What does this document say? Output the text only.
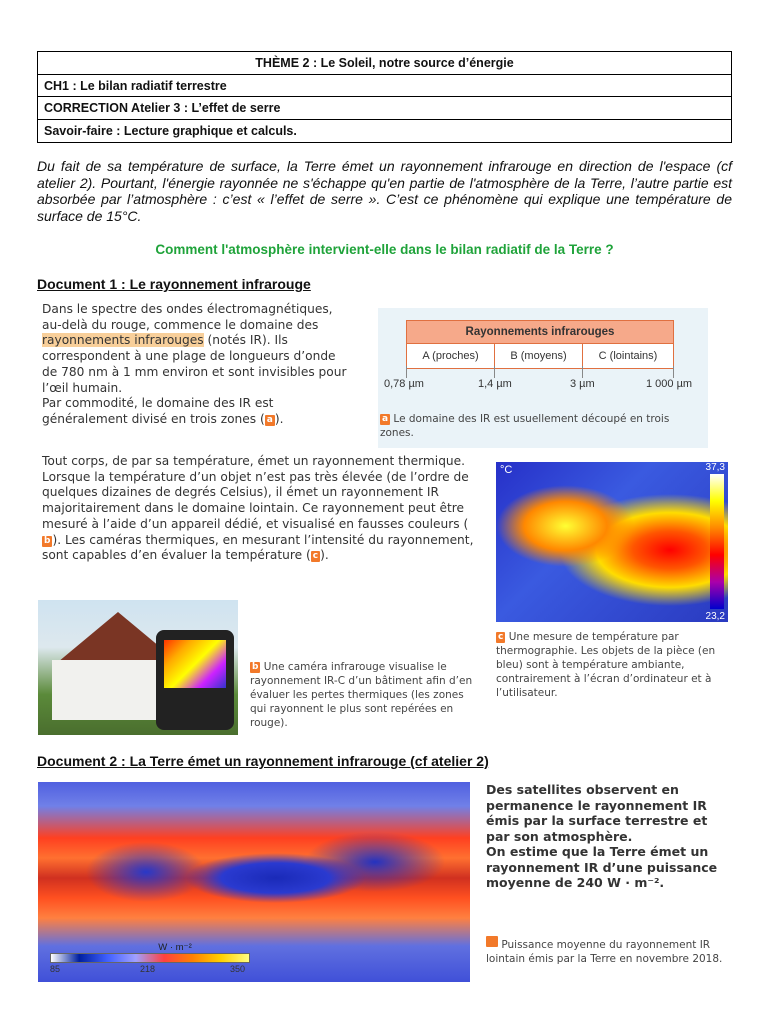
THÈME 2 : Le Soleil, notre source d’énergie
CH1 : Le bilan radiatif terrestre
CORRECTION Atelier 3 : L’effet de serre
Savoir-faire : Lecture graphique et calculs.

Du fait de sa température de surface, la Terre émet un rayonnement infrarouge en direction de l'espace (cf atelier 2). Pourtant, l'énergie rayonnée ne s'échappe qu'en partie de l'atmosphère de la Terre, l’autre partie est absorbée par l’atmosphère : c’est « l’effet de serre ». C’est ce phénomène qui explique une température de surface de 15°C.

Comment l'atmosphère intervient-elle dans le bilan radiatif de la Terre ?

Document 1 : Le rayonnement infrarouge

Dans le spectre des ondes électromagnétiques, au-delà du rouge, commence le domaine des rayonnements infrarouges (notés IR). Ils correspondent à une plage de longueurs d’onde de 780 nm à 1 mm environ et sont invisibles pour l’œil humain.
Par commodité, le domaine des IR est généralement divisé en trois zones ( a ).

Rayonnements infrarouges
A (proches)	B (moyens)	C (lointains)
0,78 µm	1,4 µm	3 µm	1 000 µm

a Le domaine des IR est usuellement découpé en trois zones.

Tout corps, de par sa température, émet un rayonnement thermique. Lorsque la température d’un objet n’est pas très élevée (de l’ordre de quelques dizaines de degrés Celsius), il émet un rayonnement IR majoritairement dans le domaine lointain. Ce rayonnement peut être mesuré à l’aide d’un appareil dédié, et visualisé en fausses couleurs (b ). Les caméras thermiques, en mesurant l’intensité du rayonnement, sont capables d’en évaluer la température ( c ).

°C	37,3
23,2

c Une mesure de température par thermographie. Les objets de la pièce (en bleu) sont à température ambiante, contrairement à l’écran d’ordinateur et à l’utilisateur.

b Une caméra infrarouge visualise le rayonnement IR-C d’un bâtiment afin d’en évaluer les pertes thermiques (les zones qui rayonnent le plus sont repérées en rouge).

Document 2 : La Terre émet un rayonnement infrarouge (cf atelier 2)
W · m⁻²
85	218	350

Des satellites observent en permanence le rayonnement IR émis par la surface terrestre et par son atmosphère.

On estime que la Terre émet un rayonnement IR d’une puissance moyenne de 240 W · m⁻².

Puissance moyenne du rayonnement IR lointain émis par la Terre en novembre 2018.
